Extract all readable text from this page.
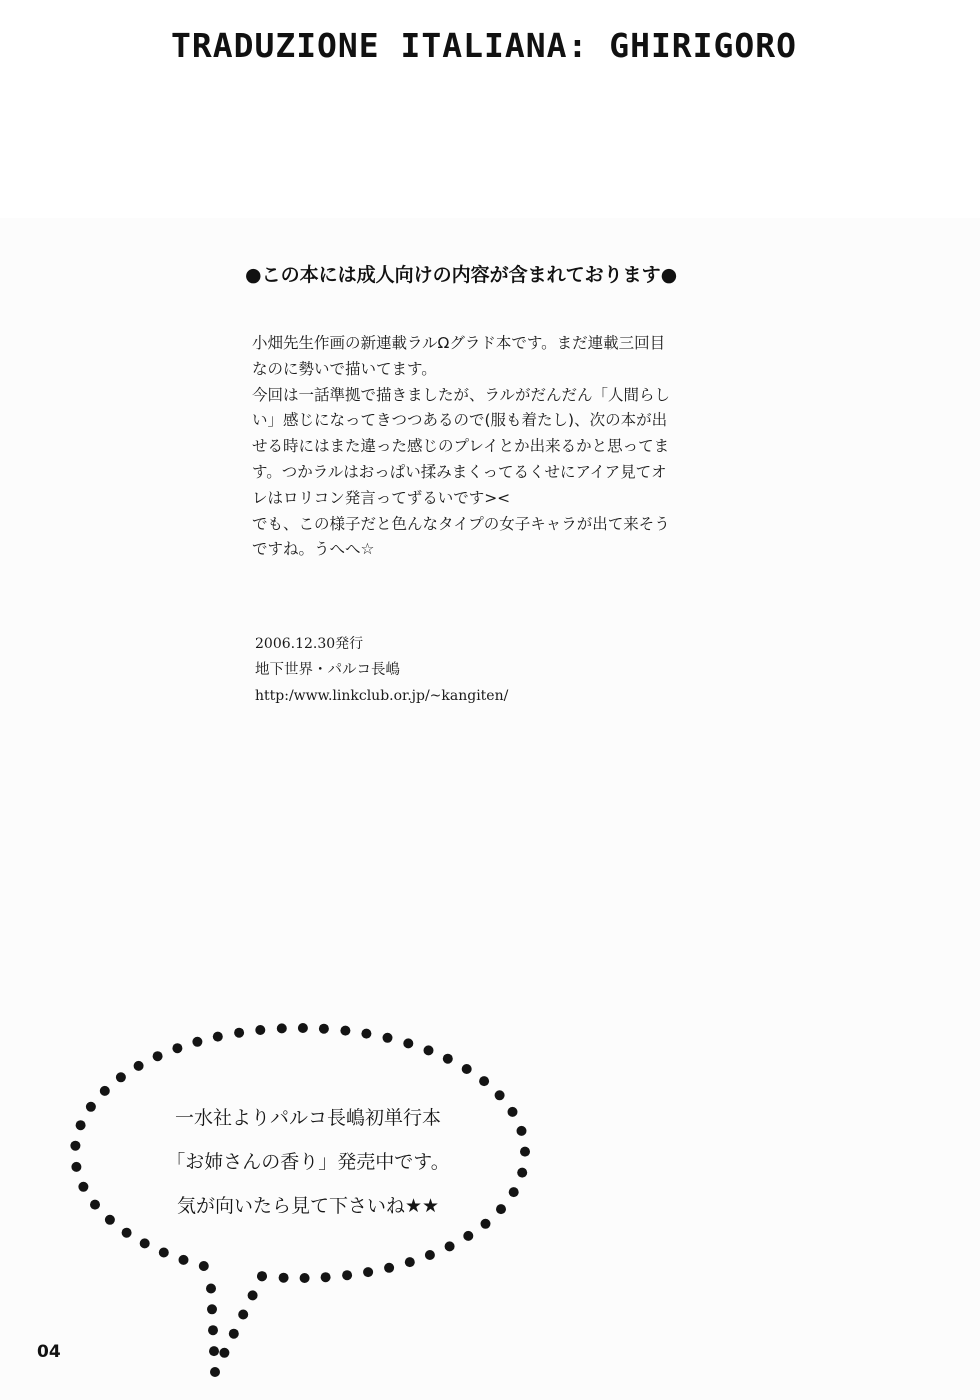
TRADUZIONE ITALIANA: GHIRIGORO
●この本には成人向けの内容が含まれております●

小畑先生作画の新連載ラルΩグラド本です。まだ連載三回目

なのに勢いで描いてます。

今回は一話準拠で描きましたが、ラルがだんだん「人間らし

い」感じになってきつつあるので(服も着たし)、次の本が出

せる時にはまた違った感じのプレイとか出来るかと思ってま

す。つかラルはおっぱい揉みまくってるくせにアイア見てオ

レはロリコン発言ってずるいです><

でも、この様子だと色んなタイプの女子キャラが出て来そう

ですね。うへへ☆

2006.12.30発行
地下世界・パルコ長嶋
http:/www.linkclub.or.jp/~kangiten/
一水社よりパルコ長嶋初単行本
「お姉さんの香り」発売中です。
気が向いたら見て下さいね★★
04
